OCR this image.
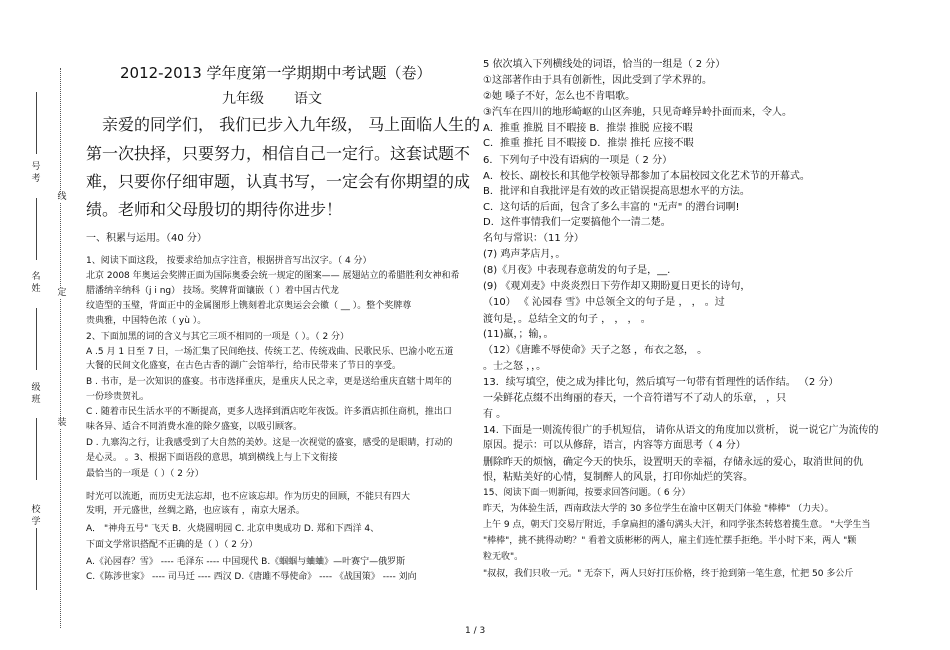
号
考
线
名
姓 定
级
班
装
校
学
2012-2013 学年度第一学期期中考试题（卷）
九年级 语文
亲爱的同学们， 我们已步入九年级， 马上面临人生的
第一次抉择，只要努力，相信自己一定行。这套试题不
难，只要你仔细审题，认真书写，一定会有你期望的成
绩。老师和父母殷切的期待你进步！
一、积累与运用。（40 分）
1、阅读下面这段， 按要求给加点字注音，根据拼音写出汉字。（ 4 分）
北京 2008 年奥运会奖牌正面为国际奥委会统一规定的图案—— 展翅站立的希腊胜利女神和希
腊潘纳辛纳科（j i ng） 技场。奖牌背面镶嵌（ ）着中国古代龙
纹造型的玉璧，背面正中的金属图形上镌刻着北京奥运会会徽（ __ ）。整个奖牌尊
贵典雅，中国特色浓（ yù ）。
2、下面加黑的词的含义与其它三项不相同的一项是（ ）。（ 2 分）
A .5 月 1 日至 7 日，一场汇集了民间绝技、传统工艺、传统戏曲、民歌民乐、巴渝小吃五道
大餐的民间文化盛宴，在古色古香的湖广会馆举行，给市民带来了节日的享受。
B . 书市，是一次知识的盛宴。书市选择重庆，是重庆人民之幸，更是送给重庆直辖十周年的
一份珍贵贺礼。
C . 随着市民生活水平的不断提高，更多人选择到酒店吃年夜饭。许多酒店抓住商机，推出口
味各异、适合不同消费水准的除夕盛宴，以吸引顾客。
D . 九寨沟之行，让我感受到了大自然的美妙。这是一次视觉的盛宴，感受的是眼睛，打动的
是心灵。 。3、根据下面语段的意思，填到横线上与上下文衔接
最恰当的一项是（ ）（ 2 分）
时光可以流逝，而历史无法忘却，也不应该忘却。作为历史的回顾，不能只有四大
发明，开元盛世，丝绸之路，也应该有 ，南京大屠杀。
A． "神舟五号" 飞天 B．火烧圆明园 C. 北京申奥成功 D. 郑和下西洋 4、
下面文学常识搭配不正确的是（ ）（ 2 分）
A.《沁园春？雪》 ---- 毛泽东 ---- 中国现代 B.《蝈蝈与蛐蛐》—叶赛宁—俄罗斯
C.《陈涉世家》 ---- 司马迁 ---- 西汉 D.《唐雎不辱使命》 ---- 《战国策》 ---- 刘向
5 依次填入下列横线处的词语，恰当的一组是（ 2 分）
①这部著作由于具有创新性，因此受到了学术界的。
②她 嗓子不好，怎么也不肯唱歌。
③汽车在四川的地形崎岖的山区奔驰，只见奇峰异岭扑面而来，令人。
A．推重 推脱 目不暇接 B．推崇 推脱 应接不暇
C．推重 推托 目不暇接 D．推崇 推托 应接不暇
6．下列句子中没有语病的一项是（ 2 分）
A．校长、副校长和其他学校领导都参加了本届校园文化艺术节的开幕式。
B．批评和自我批评是有效的改正错误提高思想水平的方法。
C．这句话的后面，包含了多么丰富的 "无声" 的潜台词啊!
D．这件事情我们一定要搞他个一清二楚。
名句与常识：（11 分）
(7) 鸡声茅店月，。
(8)《月夜》中表现春意萌发的句子是，__.
(9) 《观刈麦》中炎炎烈日下劳作却又期盼夏日更长的诗句，
（10） 《 沁园春 雪》中总领全文的句子是 ， ， 。过
渡句是，。总结全文的句子 ， ， ， 。
(11)羸，；输，。
（12）《唐雎不辱使命》天子之怒 ，布衣之怒， 。
。士之怒 ，，。
13．续写填空，使之成为排比句，然后填写一句带有哲理性的话作结。 （2 分）
一朵鲜花点缀不出绚丽的春天，一个音符谱写不了动人的乐章， ，只
有 。
14. 下面是一则流传很广的手机短信， 请你从语文的角度加以赏析， 说一说它广为流传的
原因。提示：可以从修辞，语言，内容等方面思考（ 4 分）
删除昨天的烦恼，确定今天的快乐，设置明天的幸福，存储永远的爱心，取消世间的仇
恨，粘贴美好的心情，复制醉人的风景，打印你灿烂的笑容。
15、阅读下面一则新闻，按要求回答问题。（ 6 分）
昨天，为体验生活，西南政法大学的 30 多位学生在渝中区朝天门体验 "棒棒" （力夫）。
上午 9 点，朝天门交易厅附近，手拿扁担的潘句满头大汗，和同学张杰转悠着揽生意。 "大学生当
"棒棒"，挑不挑得动哟？" 看着文质彬彬的两人，雇主们连忙摆手拒绝。半小时下来，两人 "颗
粒无收"。
"叔叔，我们只收一元。" 无奈下，两人只好打压价格，终于抢到第一笔生意，忙把 50 多公斤
1 / 3
